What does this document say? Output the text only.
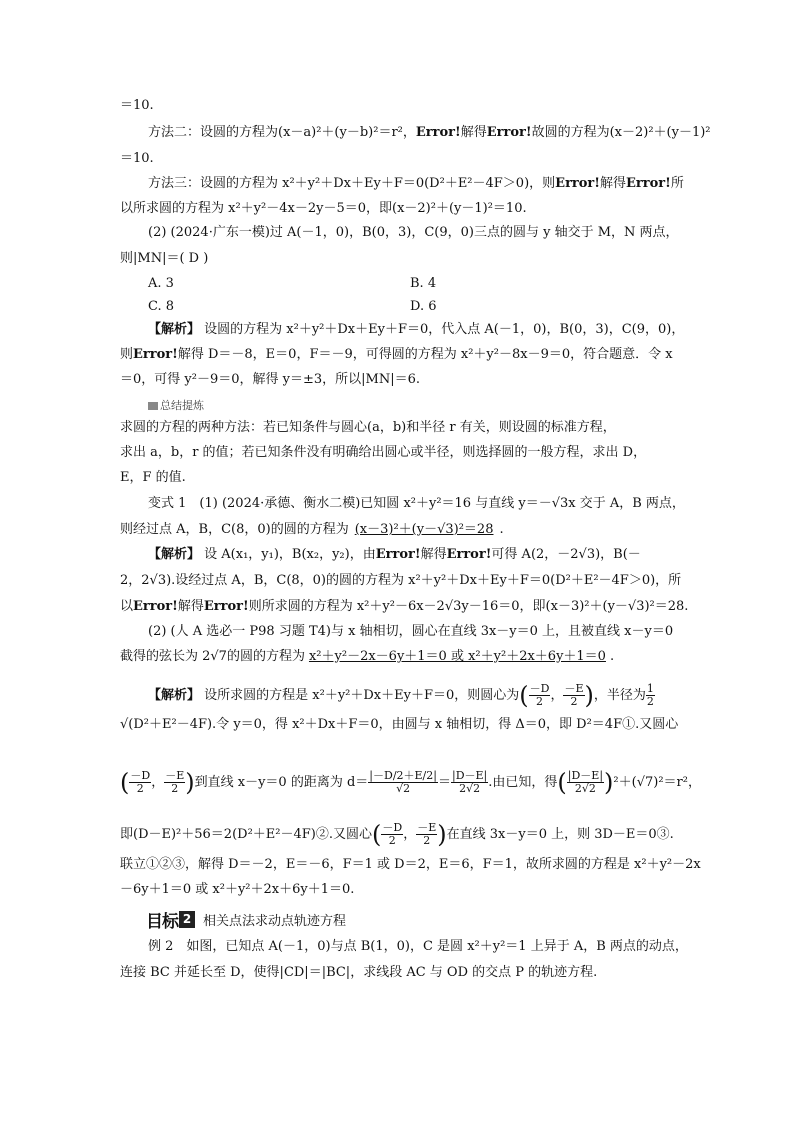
＝10.
方法二：设圆的方程为(x－a)²＋(y－b)²＝r²，Error!解得Error!故圆的方程为(x－2)²＋(y－1)²
＝10.
方法三：设圆的方程为 x²＋y²＋Dx＋Ey＋F＝0(D²＋E²－4F＞0)，则Error!解得Error!所
以所求圆的方程为 x²＋y²－4x－2y－5＝0，即(x－2)²＋(y－1)²＝10.
(2) (2024·广东一模)过 A(－1，0)，B(0，3)，C(9，0)三点的圆与 y 轴交于 M，N 两点，
则|MN|＝( D )
A. 3	B. 4
C. 8	D. 6
【解析】 设圆的方程为 x²＋y²＋Dx＋Ey＋F＝0，代入点 A(－1，0)，B(0，3)，C(9，0)，
则Error!解得 D＝－8，E＝0，F＝－9，可得圆的方程为 x²＋y²－8x－9＝0，符合题意．令 x
＝0，可得 y²－9＝0，解得 y＝±3，所以|MN|＝6.
总结提炼
求圆的方程的两种方法：若已知条件与圆心(a，b)和半径 r 有关，则设圆的标准方程，
求出 a，b，r 的值；若已知条件没有明确给出圆心或半径，则选择圆的一般方程，求出 D，
E，F 的值.
变式 1　(1) (2024·承德、衡水二模)已知圆 x²＋y²＝16 与直线 y＝－√3x 交于 A，B 两点，
则经过点 A，B，C(8，0)的圆的方程为 (x－3)²＋(y－√3)²＝28 .
【解析】 设 A(x₁，y₁)，B(x₂，y₂)，由Error!解得Error!可得 A(2，－2√3)，B(－
2，2√3).设经过点 A，B，C(8，0)的圆的方程为 x²＋y²＋Dx＋Ey＋F＝0(D²＋E²－4F＞0)，所
以Error!解得Error!则所求圆的方程为 x²＋y²－6x－2√3y－16＝0，即(x－3)²＋(y－√3)²＝28.
(2) (人 A 选必一 P98 习题 T4)与 x 轴相切，圆心在直线 3x－y＝0 上，且被直线 x－y＝0
截得的弦长为 2√7的圆的方程为 x²＋y²－2x－6y＋1＝0 或 x²＋y²＋2x＋6y＋1＝0 .
【解析】 设所求圆的方程是 x²＋y²＋Dx＋Ey＋F＝0，则圆心为( $\frac{-D}{2}$ ， $\frac{-E}{2}$ )，半径为 $\frac{1}{2}$
√(D²＋E²－4F).令 y＝0，得 x²＋Dx＋F＝0，由圆与 x 轴相切，得 Δ＝0，即 D²＝4F①.又圆心
( $\frac{-D}{2}$ ， $\frac{-E}{2}$ )到直线 x－y＝0 的距离为 $d= \frac{|-D/2+E/2|}{√2} = \frac{|D-E|}{2√2}$ .由已知，得( $\frac{|D-E|}{2√2} )^2+(√7)^2=r^2$，
即(D－E)²＋56＝2(D²＋E²－4F)②.又圆心( $\frac{-D}{2}$ ， $\frac{-E}{2}$ )在直线 3x－y＝0 上，则 3D－E＝0③.
联立①②③，解得 D＝－2，E＝－6，F＝1 或 D＝2，E＝6，F＝1，故所求圆的方程是 x²＋y²－2x
－6y＋1＝0 或 x²＋y²＋2x＋6y＋1＝0.
目标 2 相关点法求动点轨迹方程
例 2　如图，已知点 A(－1，0)与点 B(1，0)，C 是圆 x²＋y²＝1 上异于 A，B 两点的动点，
连接 BC 并延长至 D，使得|CD|＝|BC|，求线段 AC 与 OD 的交点 P 的轨迹方程.
